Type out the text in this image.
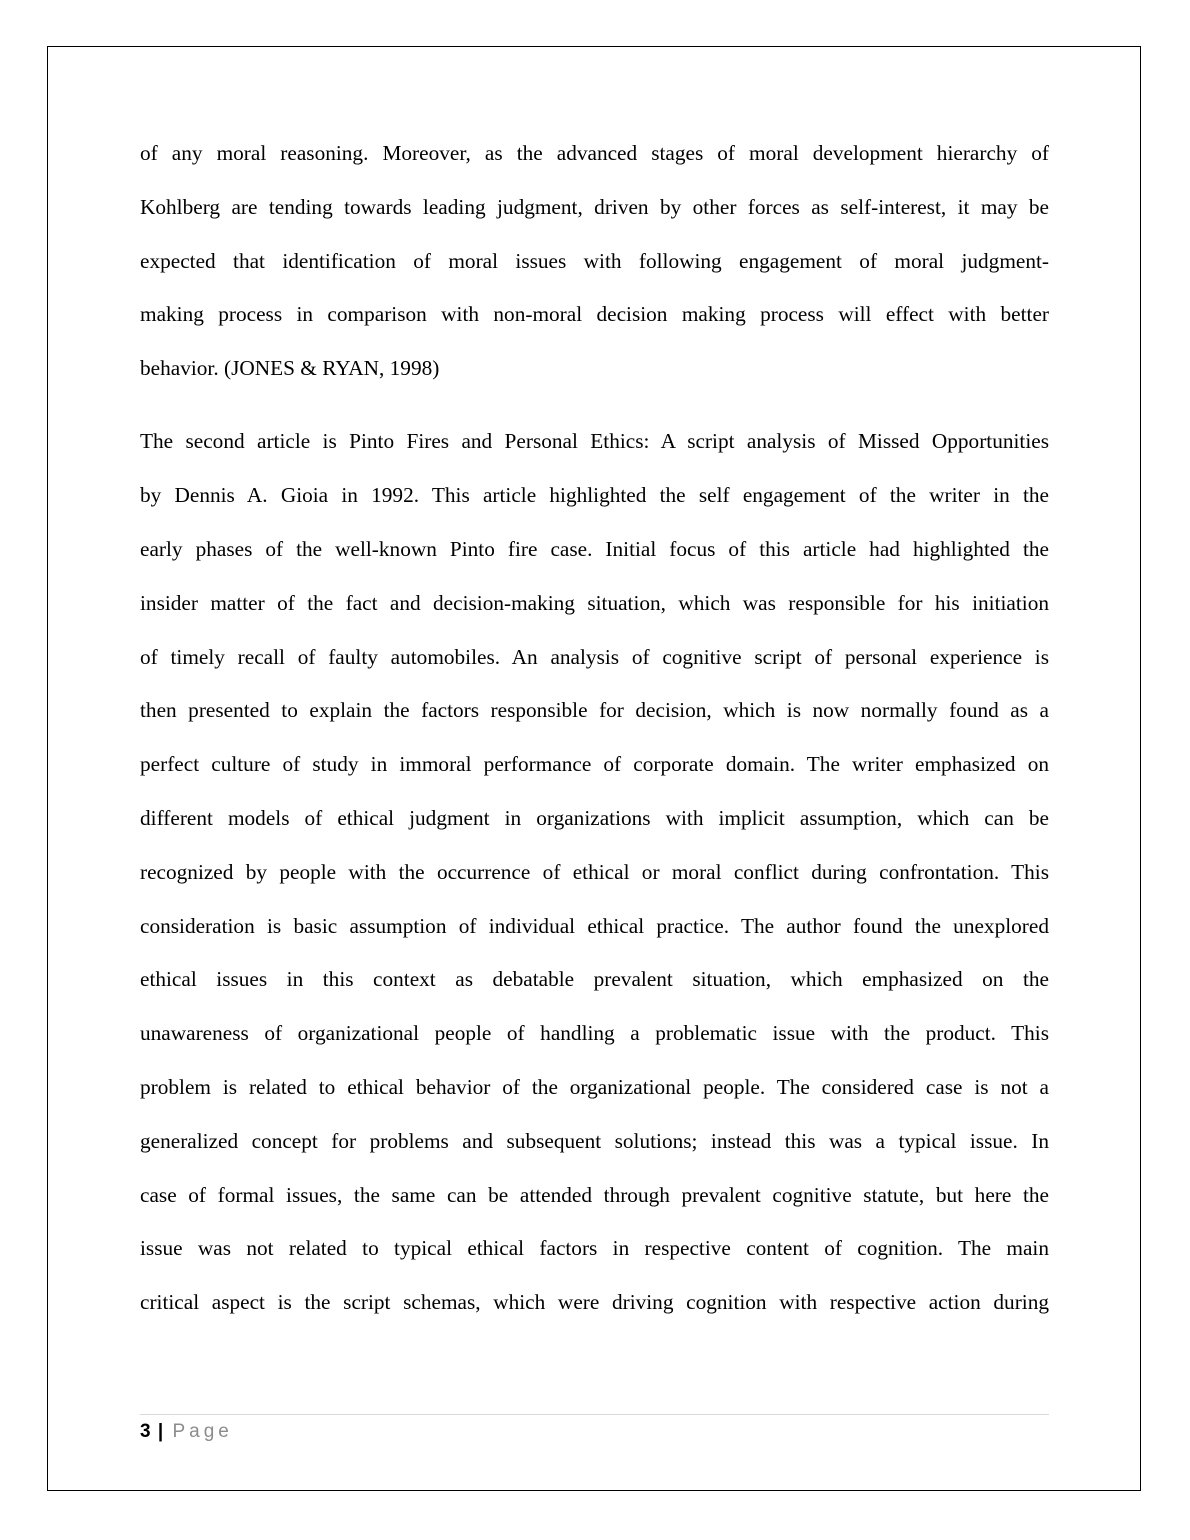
of any moral reasoning. Moreover, as the advanced stages of moral development hierarchy of
Kohlberg are tending towards leading judgment, driven by other forces as self-interest, it may be
expected that identification of moral issues with following engagement of moral judgment-
making process in comparison with non-moral decision making process will effect with better
behavior. (JONES & RYAN, 1998)
The second article is Pinto Fires and Personal Ethics: A script analysis of Missed Opportunities
by Dennis A. Gioia in 1992. This article highlighted the self engagement of the writer in the
early phases of the well-known Pinto fire case. Initial focus of this article had highlighted the
insider matter of the fact and decision-making situation, which was responsible for his initiation
of timely recall of faulty automobiles. An analysis of cognitive script of personal experience is
then presented to explain the factors responsible for decision, which is now normally found as a
perfect culture of study in immoral performance of corporate domain. The writer emphasized on
different models of ethical judgment in organizations with implicit assumption, which can be
recognized by people with the occurrence of ethical or moral conflict during confrontation. This
consideration is basic assumption of individual ethical practice. The author found the unexplored
ethical issues in this context as debatable prevalent situation, which emphasized on the
unawareness of organizational people of handling a problematic issue with the product. This
problem is related to ethical behavior of the organizational people. The considered case is not a
generalized concept for problems and subsequent solutions; instead this was a typical issue. In
case of formal issues, the same can be attended through prevalent cognitive statute, but here the
issue was not related to typical ethical factors in respective content of cognition. The main
critical aspect is the script schemas, which were driving cognition with respective action during
3 | Page
